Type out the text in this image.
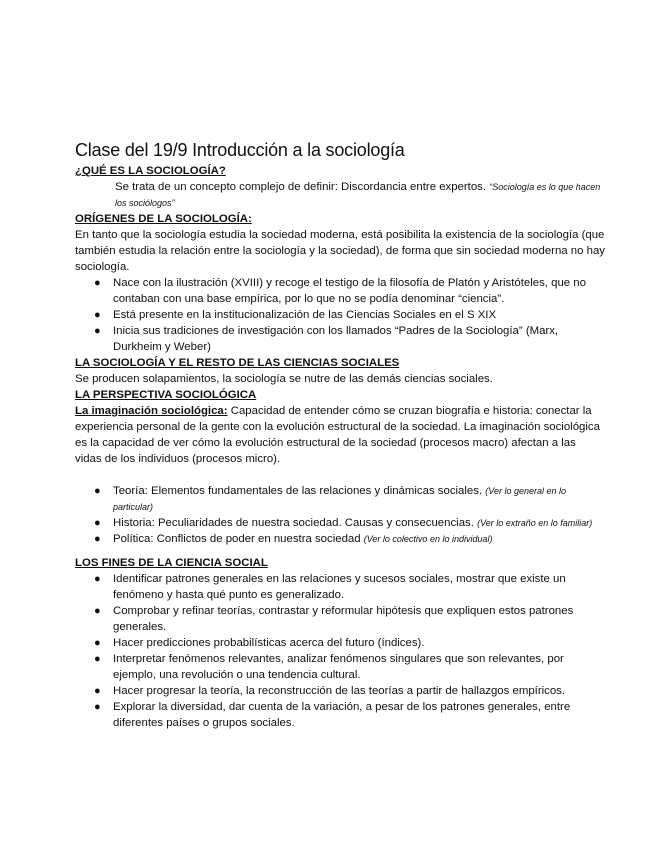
Clase del 19/9 Introducción a la sociología
¿QUÉ ES LA SOCIOLOGÍA?

Se trata de un concepto complejo de definir: Discordancia entre expertos. “Sociología es lo que hacen los sociólogos”

ORÍGENES DE LA SOCIOLOGÍA:

En tanto que la sociología estudia la sociedad moderna, está posibilita la existencia de la sociología (que también estudia la relación entre la sociología y la sociedad), de forma que sin sociedad moderna no hay sociología.

● Nace con la ilustración (XVIII) y recoge el testigo de la filosofía de Platón y Aristóteles, que no contaban con una base empírica, por lo que no se podía denominar “ciencia”.
● Está presente en la institucionalización de las Ciencias Sociales en el S XIX
● Inicia sus tradiciones de investigación con los llamados “Padres de la Sociología” (Marx, Durkheim y Weber)
LA SOCIOLOGÍA Y EL RESTO DE LAS CIENCIAS SOCIALES

Se producen solapamientos, la sociología se nutre de las demás ciencias sociales.

LA PERSPECTIVA SOCIOLÓGICA

La imaginación sociológica: Capacidad de entender cómo se cruzan biografía e historia: conectar la experiencia personal de la gente con la evolución estructural de la sociedad. La imaginación sociológica es la capacidad de ver cómo la evolución estructural de la sociedad (procesos macro) afectan a las vidas de los individuos (procesos micro).

● Teoría: Elementos fundamentales de las relaciones y dinámicas sociales. (Ver lo general en lo particular)
● Historia: Peculiaridades de nuestra sociedad. Causas y consecuencias. (Ver lo extraño en lo familiar)
● Política: Conflictos de poder en nuestra sociedad (Ver lo colectivo en lo individual)
LOS FINES DE LA CIENCIA SOCIAL
● Identificar patrones generales en las relaciones y sucesos sociales, mostrar que existe un fenómeno y hasta qué punto es generalizado.
● Comprobar y refinar teorías, contrastar y reformular hipótesis que expliquen estos patrones generales.
● Hacer predicciones probabilísticas acerca del futuro (índices).
● Interpretar fenómenos relevantes, analizar fenómenos singulares que son relevantes, por ejemplo, una revolución o una tendencia cultural.
● Hacer progresar la teoría, la reconstrucción de las teorías a partir de hallazgos empíricos.
● Explorar la diversidad, dar cuenta de la variación, a pesar de los patrones generales, entre diferentes países o grupos sociales.
